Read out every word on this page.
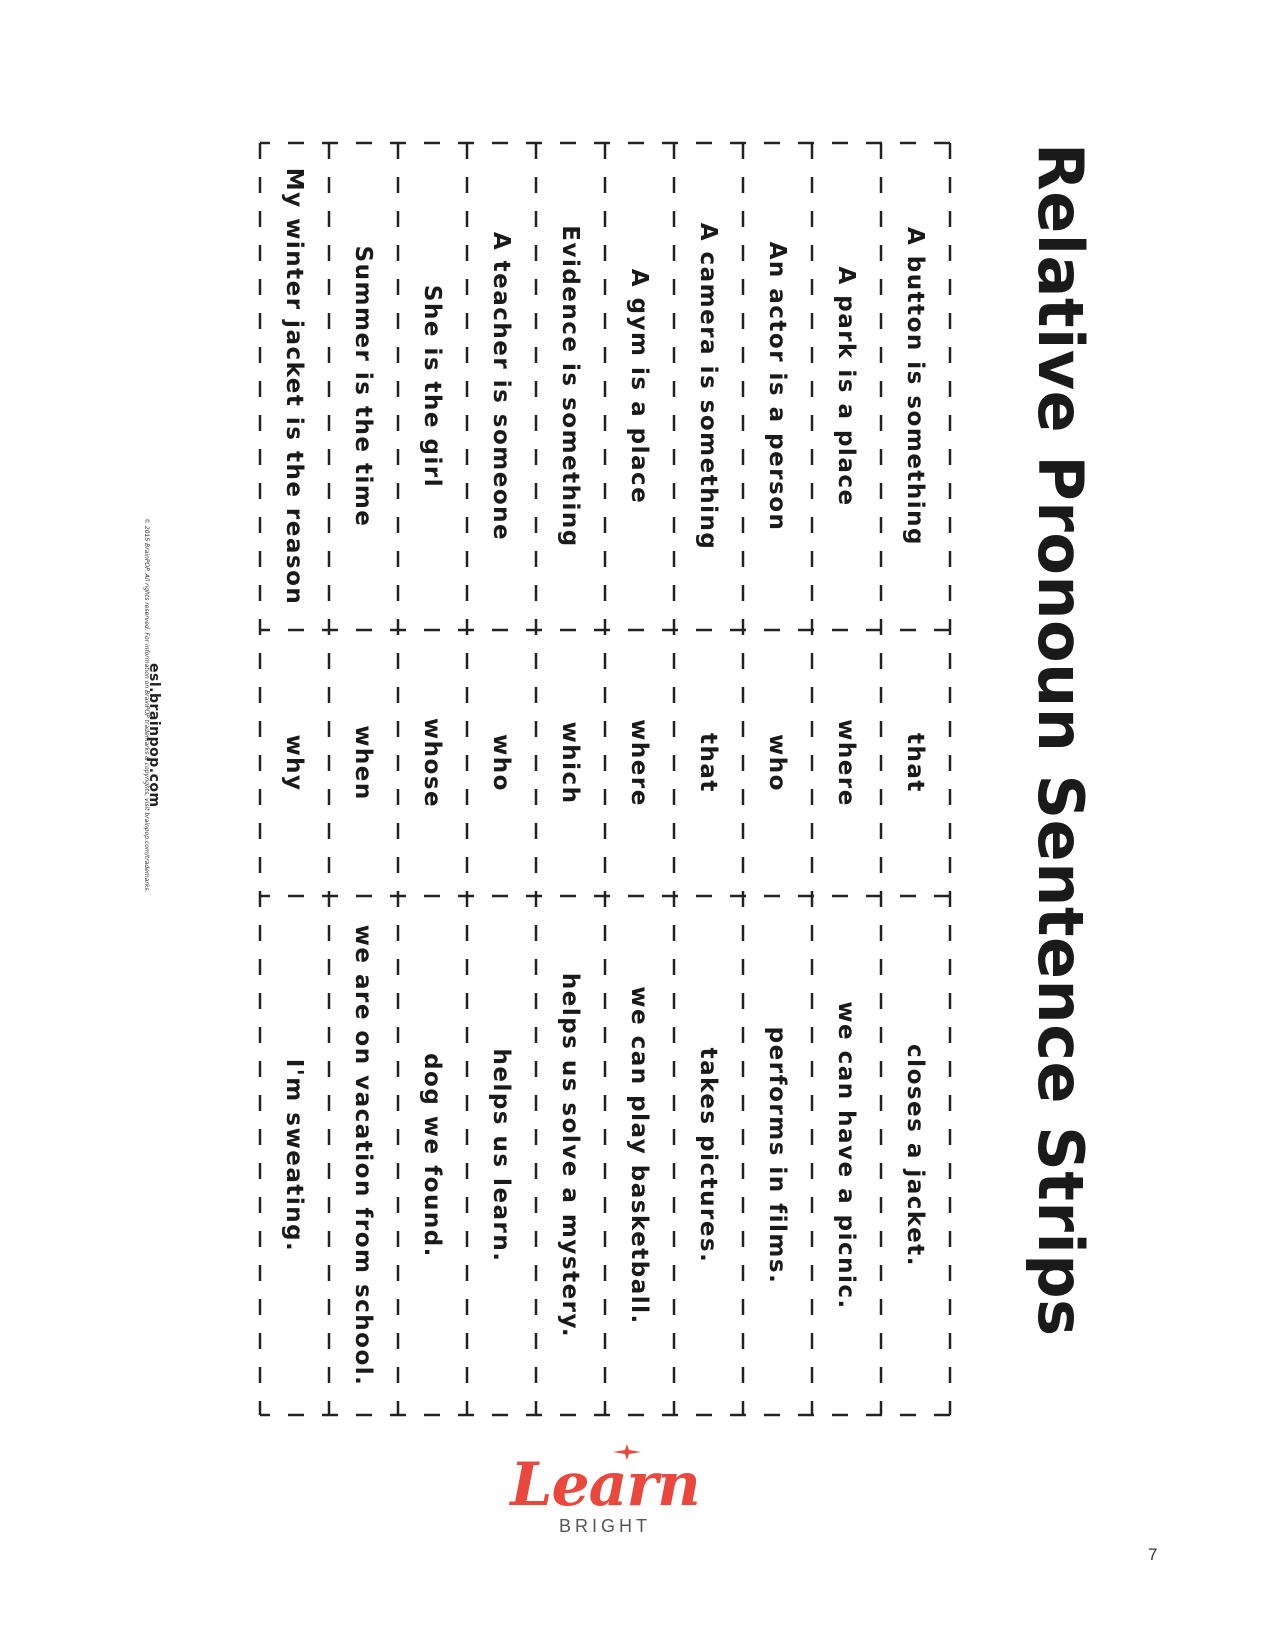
Relative Pronoun Sentence Strips
A button is something
that
closes a jacket.
A park is a place
where
we can have a picnic.
An actor is a person
who
performs in films.
A camera is something
that
takes pictures.
A gym is a place
where
we can play basketball.
Evidence is something
which
helps us solve a mystery.
A teacher is someone
who
helps us learn.
She is the girl
whose
dog we found.
Summer is the time
when
we are on vacation from school.
My winter jacket is the reason
why
I'm sweating.
esl.brainpop.com
© 2015 BrainPOP. All rights reserved. For information on BrainPOP trademarks & copyrights, visit brainpop.com/trademarks.
Learn
BRIGHT
7
